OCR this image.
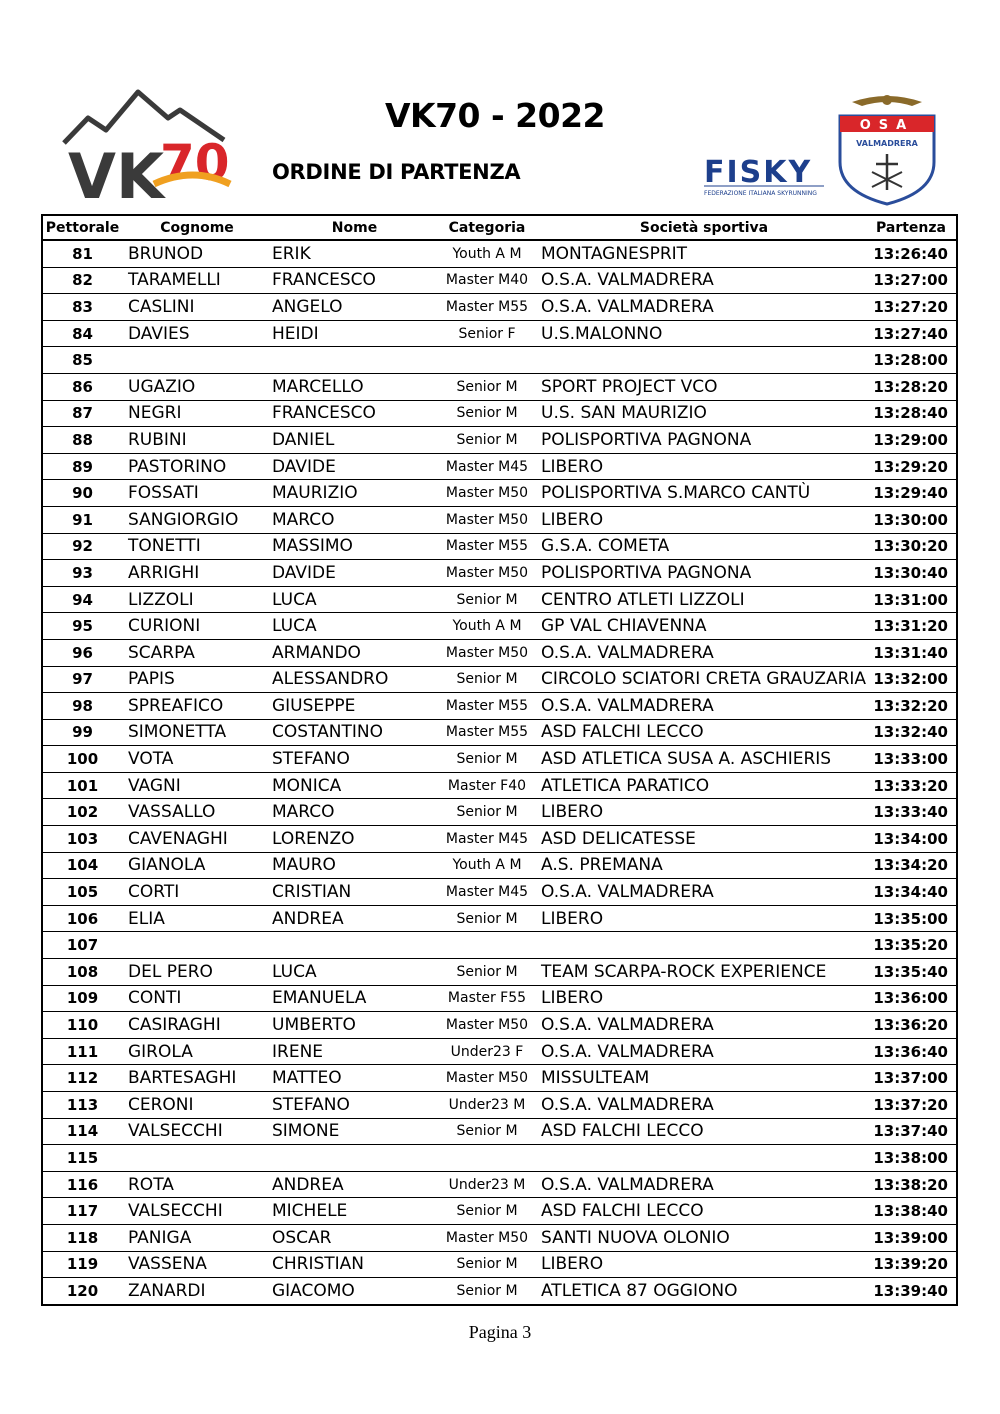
VK
70
VK70 - 2022
ORDINE DI PARTENZA	FISKY
FEDERAZIONE ITALIANA SKYRUNNING
OSA
VALMADRERA
Pettorale	Cognome	Nome	Categoria	Società sportiva	Partenza
81	BRUNOD	ERIK	Youth A M	MONTAGNESPRIT	13:26:40
82	TARAMELLI	FRANCESCO	Master M40	O.S.A. VALMADRERA	13:27:00
83	CASLINI	ANGELO	Master M55	O.S.A. VALMADRERA	13:27:20
84	DAVIES	HEIDI	Senior F	U.S.MALONNO	13:27:40
85					13:28:00
86	UGAZIO	MARCELLO	Senior M	SPORT PROJECT VCO	13:28:20
87	NEGRI	FRANCESCO	Senior M	U.S. SAN MAURIZIO	13:28:40
88	RUBINI	DANIEL	Senior M	POLISPORTIVA PAGNONA	13:29:00
89	PASTORINO	DAVIDE	Master M45	LIBERO	13:29:20
90	FOSSATI	MAURIZIO	Master M50	POLISPORTIVA S.MARCO CANTÙ	13:29:40
91	SANGIORGIO	MARCO	Master M50	LIBERO	13:30:00
92	TONETTI	MASSIMO	Master M55	G.S.A. COMETA	13:30:20
93	ARRIGHI	DAVIDE	Master M50	POLISPORTIVA PAGNONA	13:30:40
94	LIZZOLI	LUCA	Senior M	CENTRO ATLETI LIZZOLI	13:31:00
95	CURIONI	LUCA	Youth A M	GP VAL CHIAVENNA	13:31:20
96	SCARPA	ARMANDO	Master M50	O.S.A. VALMADRERA	13:31:40
97	PAPIS	ALESSANDRO	Senior M	CIRCOLO SCIATORI CRETA GRAUZARIA	13:32:00
98	SPREAFICO	GIUSEPPE	Master M55	O.S.A. VALMADRERA	13:32:20
99	SIMONETTA	COSTANTINO	Master M55	ASD FALCHI LECCO	13:32:40
100	VOTA	STEFANO	Senior M	ASD ATLETICA SUSA A. ASCHIERIS	13:33:00
101	VAGNI	MONICA	Master F40	ATLETICA PARATICO	13:33:20
102	VASSALLO	MARCO	Senior M	LIBERO	13:33:40
103	CAVENAGHI	LORENZO	Master M45	ASD DELICATESSE	13:34:00
104	GIANOLA	MAURO	Youth A M	A.S. PREMANA	13:34:20
105	CORTI	CRISTIAN	Master M45	O.S.A. VALMADRERA	13:34:40
106	ELIA	ANDREA	Senior M	LIBERO	13:35:00
107					13:35:20
108	DEL PERO	LUCA	Senior M	TEAM SCARPA-ROCK EXPERIENCE	13:35:40
109	CONTI	EMANUELA	Master F55	LIBERO	13:36:00
110	CASIRAGHI	UMBERTO	Master M50	O.S.A. VALMADRERA	13:36:20
111	GIROLA	IRENE	Under23 F	O.S.A. VALMADRERA	13:36:40
112	BARTESAGHI	MATTEO	Master M50	MISSULTEAM	13:37:00
113	CERONI	STEFANO	Under23 M	O.S.A. VALMADRERA	13:37:20
114	VALSECCHI	SIMONE	Senior M	ASD FALCHI LECCO	13:37:40
115					13:38:00
116	ROTA	ANDREA	Under23 M	O.S.A. VALMADRERA	13:38:20
117	VALSECCHI	MICHELE	Senior M	ASD FALCHI LECCO	13:38:40
118	PANIGA	OSCAR	Master M50	SANTI NUOVA OLONIO	13:39:00
119	VASSENA	CHRISTIAN	Senior M	LIBERO	13:39:20
120	ZANARDI	GIACOMO	Senior M	ATLETICA 87 OGGIONO	13:39:40
Pagina 3
